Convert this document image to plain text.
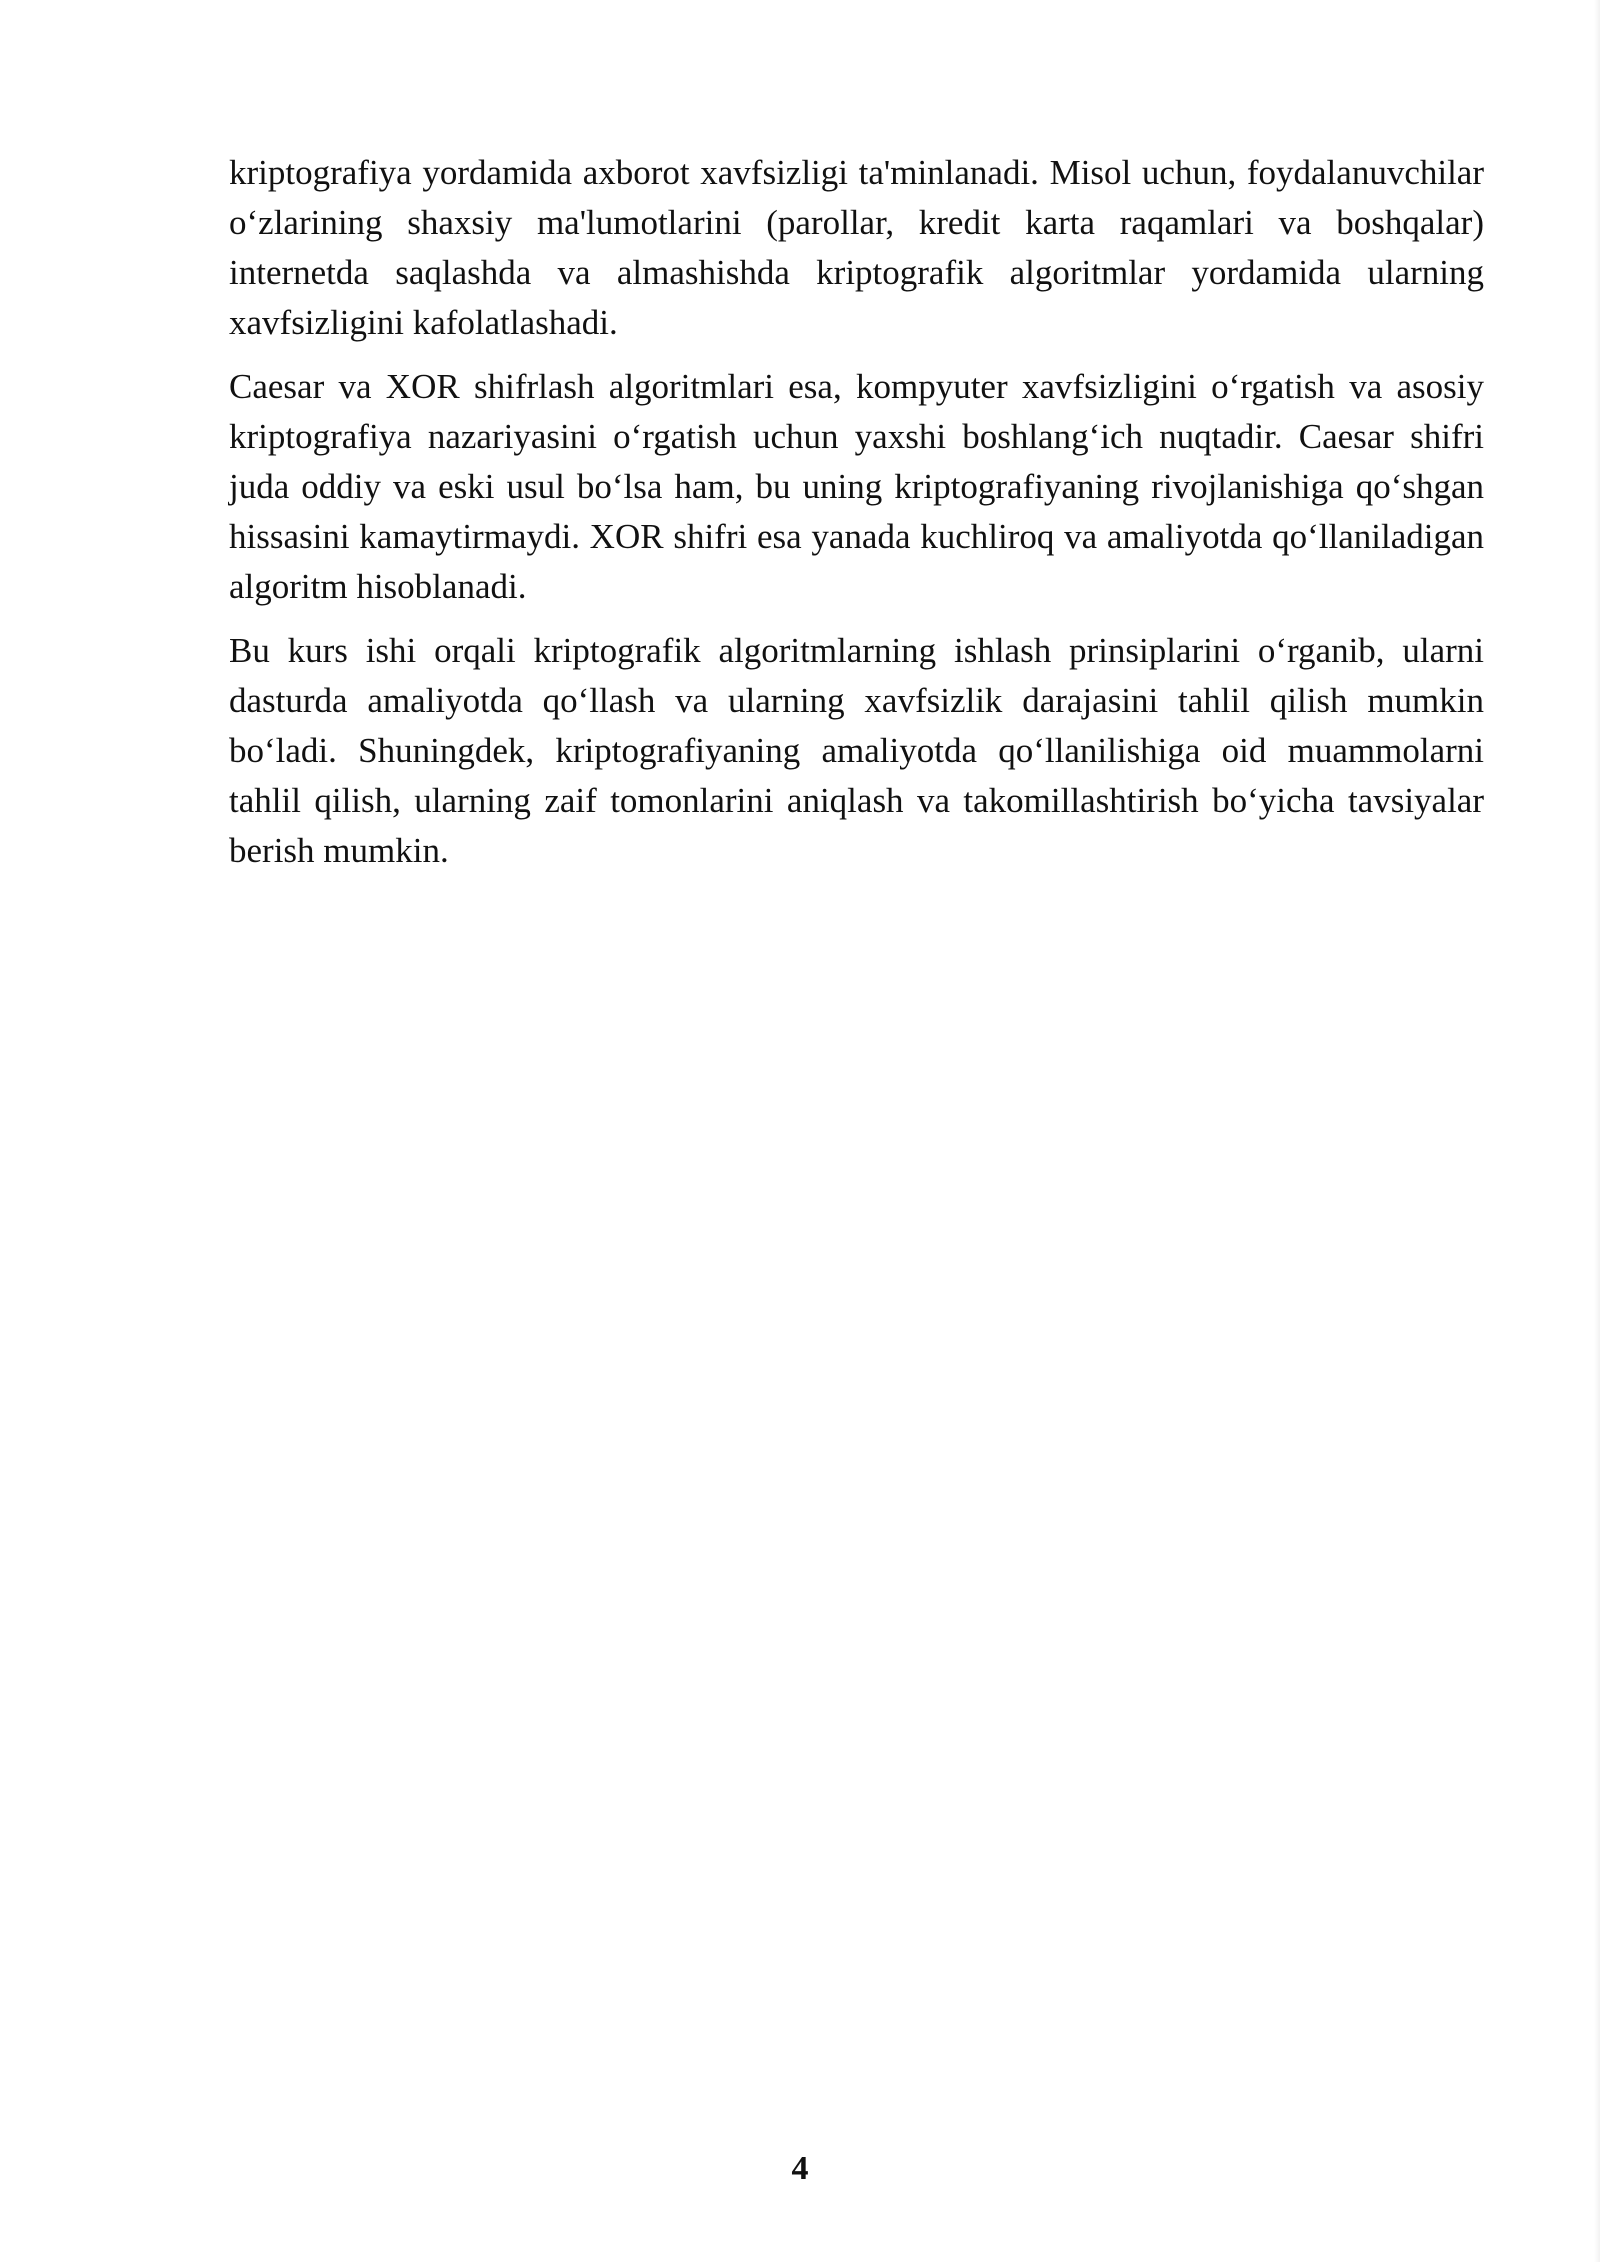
kriptografiya yordamida axborot xavfsizligi ta'minlanadi. Misol uchun, foydalanuvchilar o‘zlarining shaxsiy ma'lumotlarini (parollar, kredit karta raqamlari va boshqalar) internetda saqlashda va almashishda kriptografik algoritmlar yordamida ularning xavfsizligini kafolatlashadi.

Caesar va XOR shifrlash algoritmlari esa, kompyuter xavfsizligini o‘rgatish va asosiy kriptografiya nazariyasini o‘rgatish uchun yaxshi boshlang‘ich nuqtadir. Caesar shifri juda oddiy va eski usul bo‘lsa ham, bu uning kriptografiyaning rivojlanishiga qo‘shgan hissasini kamaytirmaydi. XOR shifri esa yanada kuchliroq va amaliyotda qo‘llaniladigan algoritm hisoblanadi.

Bu kurs ishi orqali kriptografik algoritmlarning ishlash prinsiplarini o‘rganib, ularni dasturda amaliyotda qo‘llash va ularning xavfsizlik darajasini tahlil qilish mumkin bo‘ladi. Shuningdek, kriptografiyaning amaliyotda qo‘llanilishiga oid muammolarni tahlil qilish, ularning zaif tomonlarini aniqlash va takomillashtirish bo‘yicha tavsiyalar berish mumkin.

4
